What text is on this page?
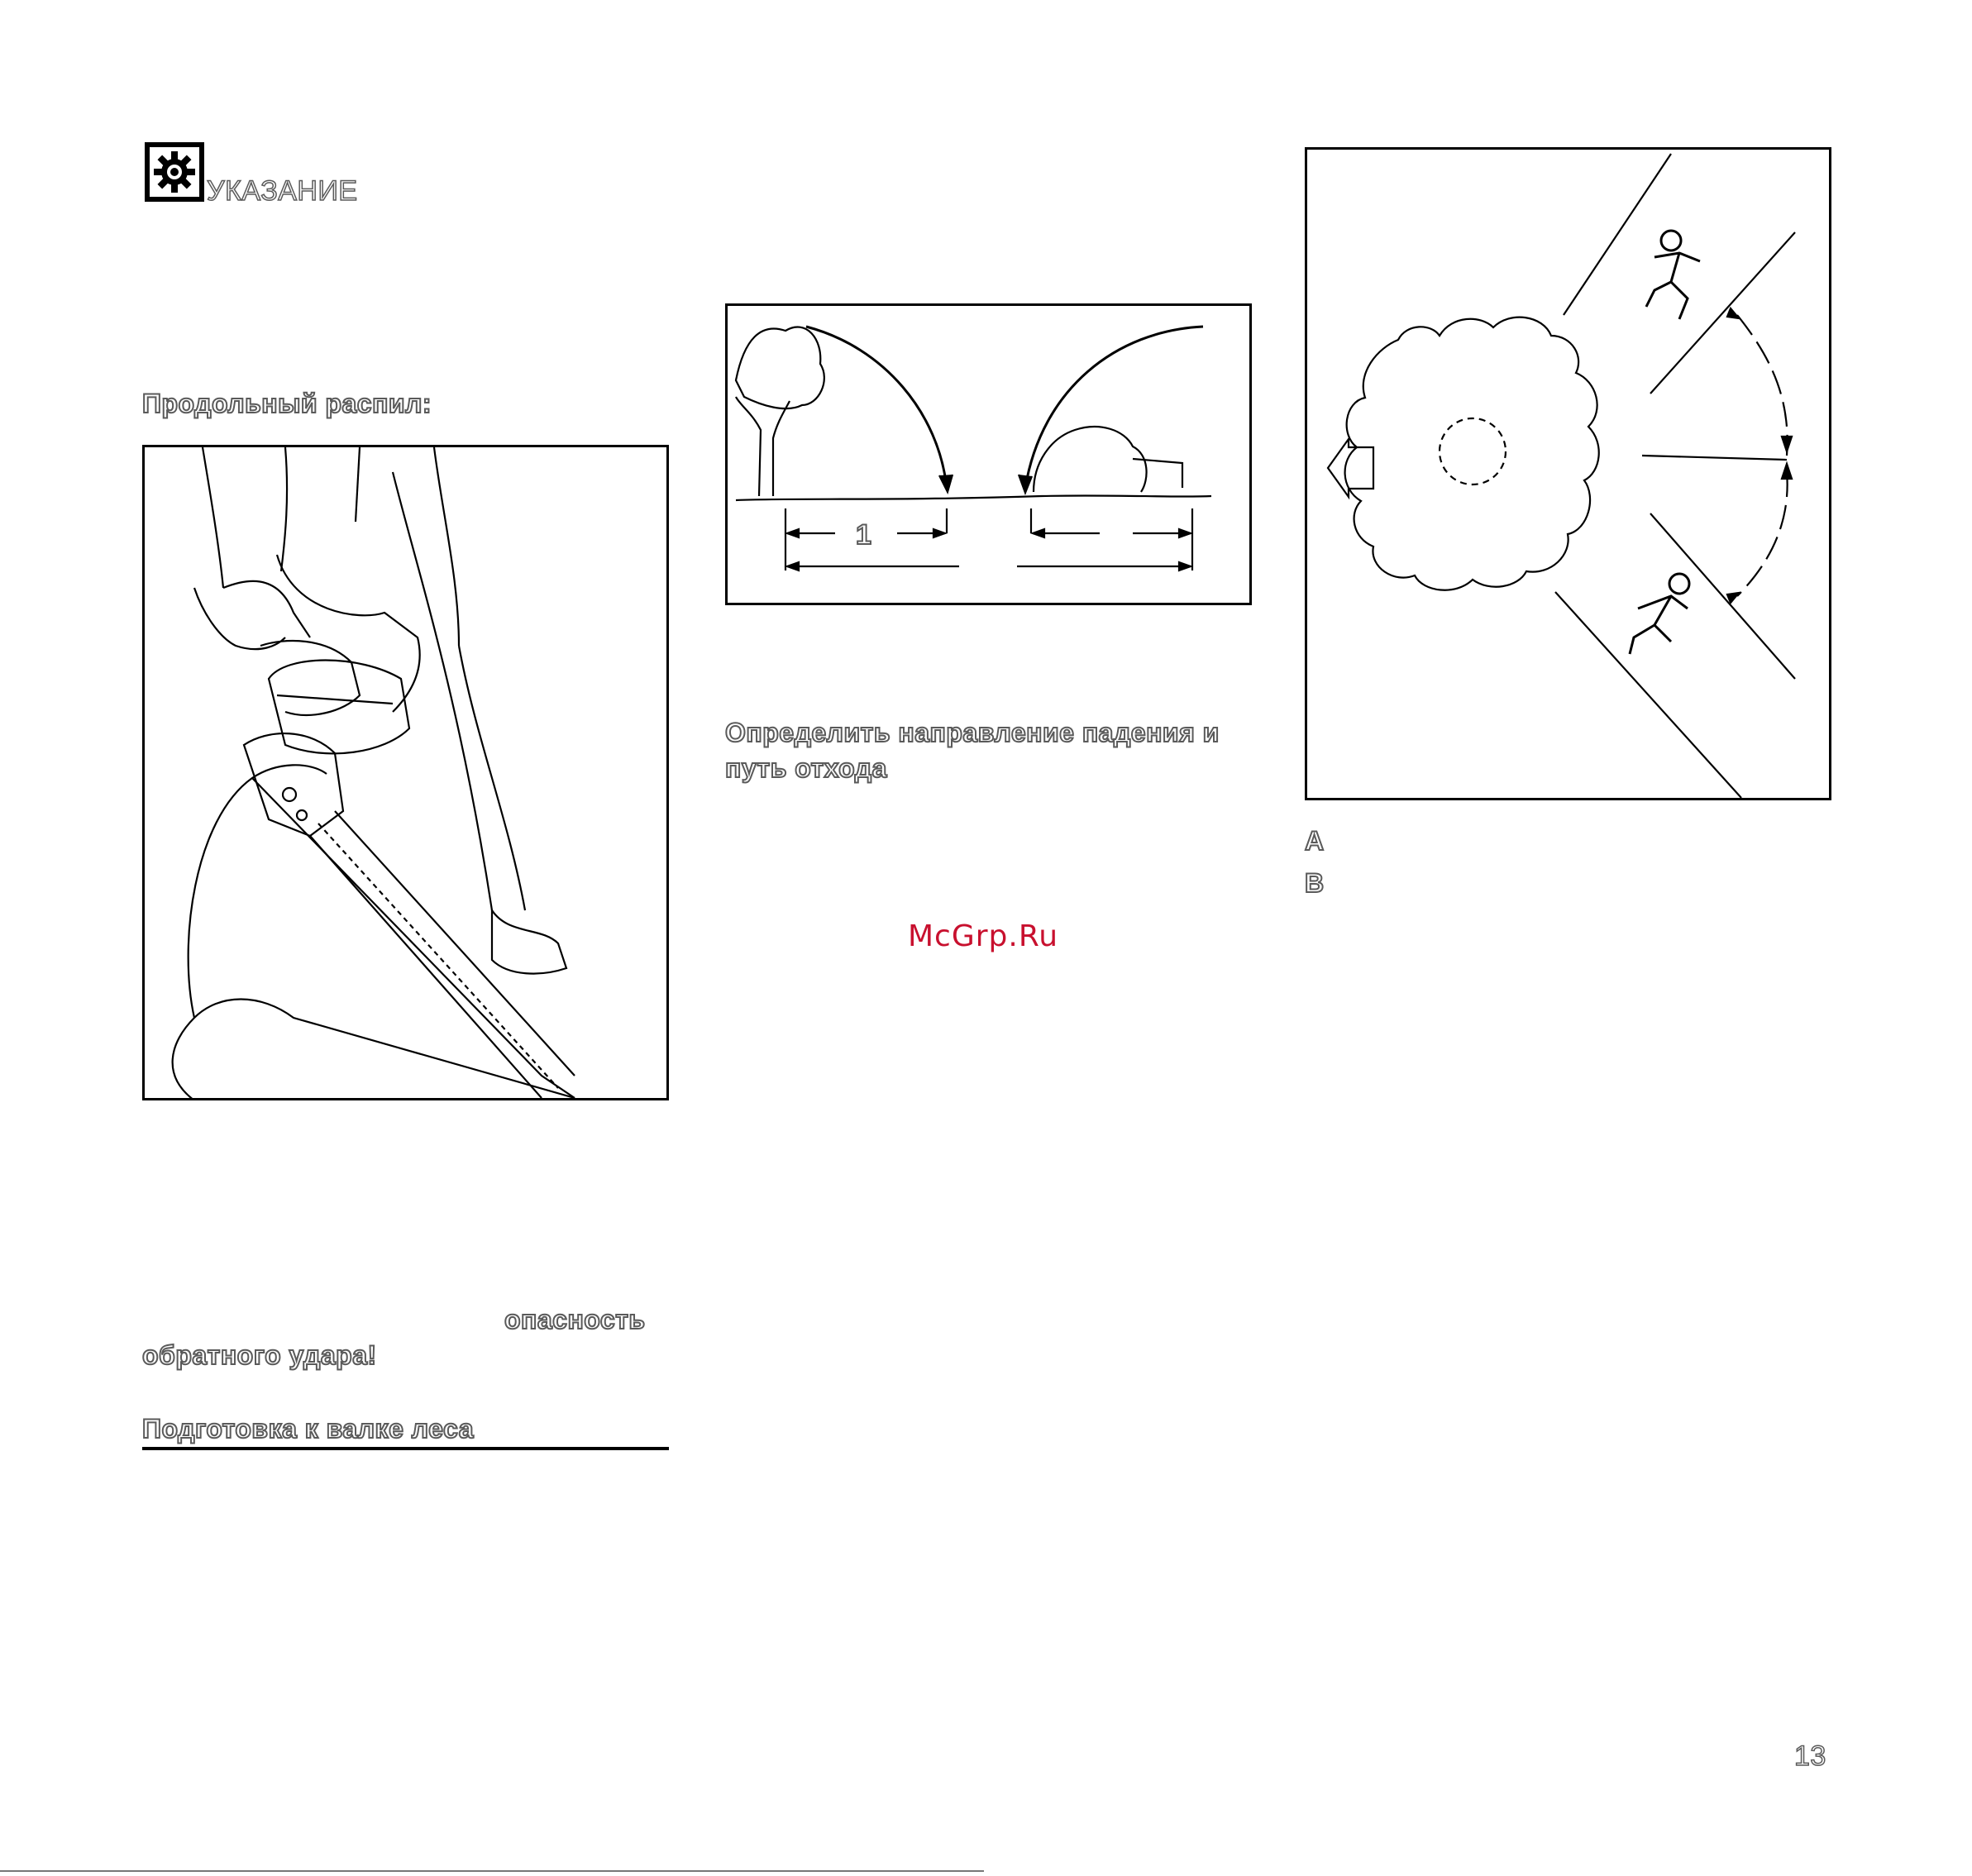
УКАЗАНИЕ
Продольный распил:
опасность
обратного удара!
Подготовка к валке леса
1
Определить направление падения и
путь отхода
A
B
McGrp.Ru
13
